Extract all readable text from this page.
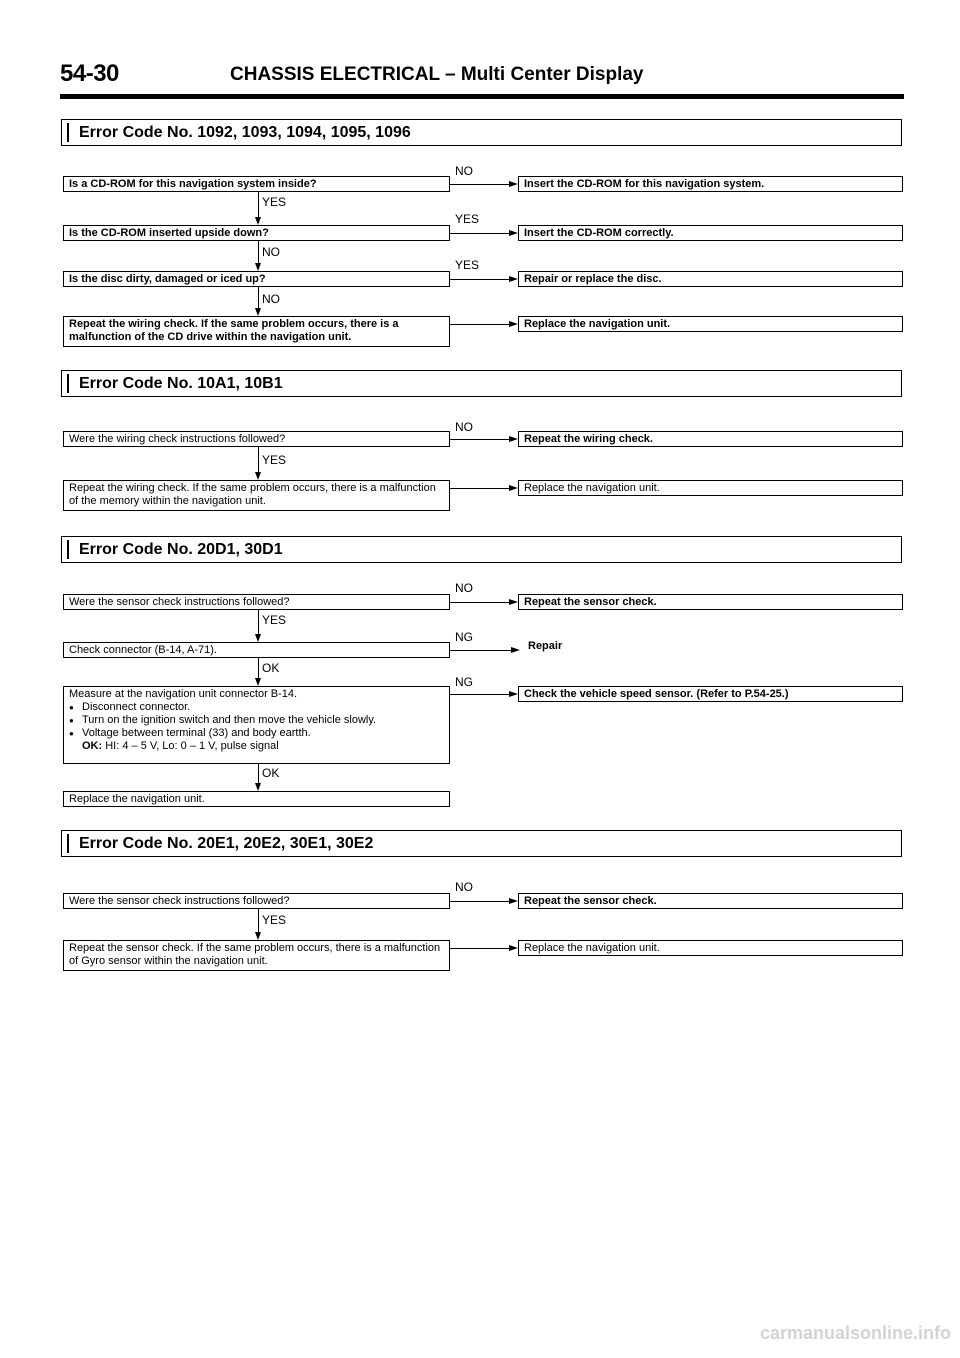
54-30	CHASSIS ELECTRICAL – Multi Center Display
Error Code No. 1092, 1093, 1094, 1095, 1096
Is a CD-ROM for this navigation system inside?
Is the CD-ROM inserted upside down?
Is the disc dirty, damaged or iced up?
Repeat the wiring check. If the same problem occurs, there is a malfunction of the CD drive within the navigation unit.
Insert the CD-ROM for this navigation system.
Insert the CD-ROM correctly.
Repair or replace the disc.
Replace the navigation unit.
NO
YES
YES
YES
NO
NO
Error Code No. 10A1, 10B1
Were the wiring check instructions followed?
Repeat the wiring check. If the same problem occurs, there is a malfunction of the memory within the navigation unit.
Repeat the wiring check.
Replace the navigation unit.
NO
YES
Error Code No. 20D1, 30D1
Were the sensor check instructions followed?
Check connector (B-14, A-71).
Measure at the navigation unit connector B-14.
● Disconnect connector.
● Turn on the ignition switch and then move the vehicle slowly.
● Voltage between terminal (33) and body eartth.
OK: HI: 4 – 5 V, Lo: 0 – 1 V, pulse signal
Replace the navigation unit.
Repeat the sensor check.
Repair
Check the vehicle speed sensor. (Refer to P.54-25.)
NO
NG
NG
YES
OK
OK
Error Code No. 20E1, 20E2, 30E1, 30E2
Were the sensor check instructions followed?
Repeat the sensor check. If the same problem occurs, there is a malfunction of Gyro sensor within the navigation unit.
Repeat the sensor check.
Replace the navigation unit.
NO
YES
carmanualsonline.info
